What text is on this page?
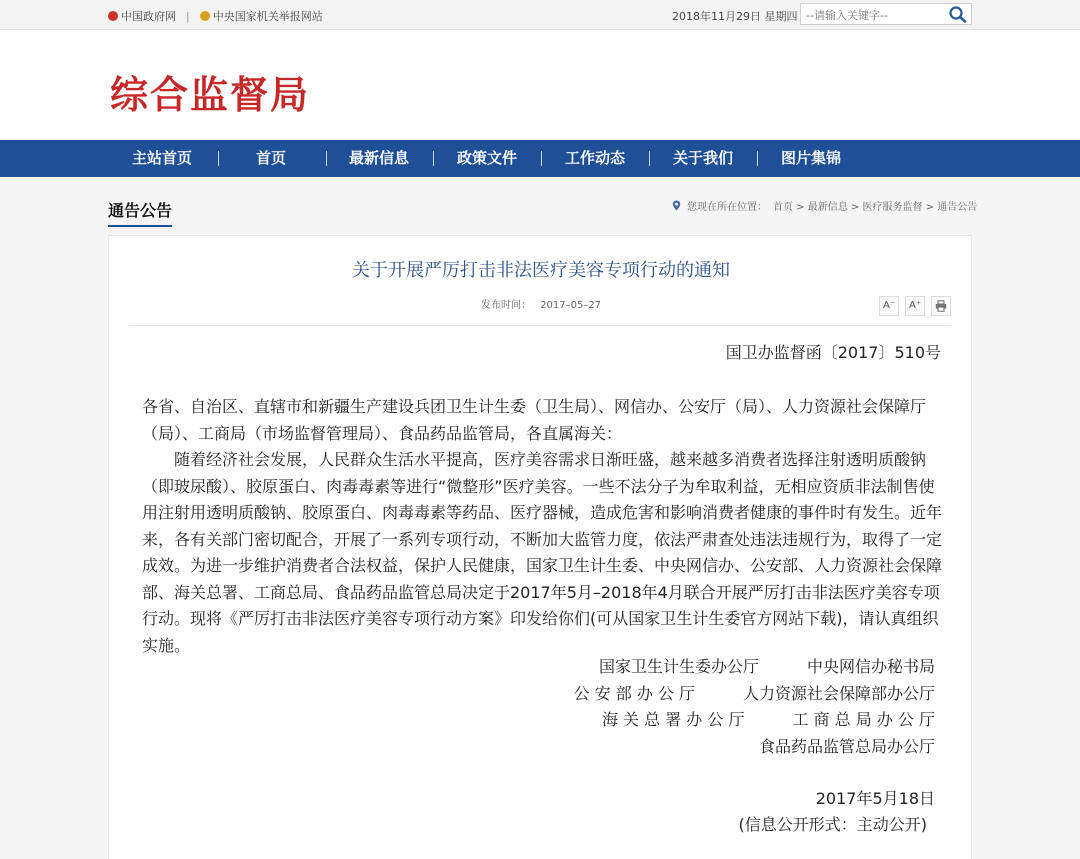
中国政府网 | 中央国家机关举报网站	2018年11月29日 星期四
--请输入关键字--
综合监督局
主站首页	首页	最新信息	政策文件	工作动态	关于我们	图片集锦
通告公告	您现在所在位置： 首页 > 最新信息 > 医疗服务监督 > 通告公告
关于开展严厉打击非法医疗美容专项行动的通知
发布时间： 2017–05–27	A⁻	A⁺
国卫办监督函〔2017〕510号

各省、自治区、直辖市和新疆生产建设兵团卫生计生委（卫生局）、网信办、公安厅（局）、人力资源社会保障厅（局）、工商局（市场监督管理局）、食品药品监管局，各直属海关：

随着经济社会发展，人民群众生活水平提高，医疗美容需求日渐旺盛，越来越多消费者选择注射透明质酸钠（即玻尿酸）、胶原蛋白、肉毒毒素等进行“微整形”医疗美容。一些不法分子为牟取利益，无相应资质非法制售使用注射用透明质酸钠、胶原蛋白、肉毒毒素等药品、医疗器械，造成危害和影响消费者健康的事件时有发生。近年来，各有关部门密切配合，开展了一系列专项行动，不断加大监管力度，依法严肃查处违法违规行为，取得了一定成效。为进一步维护消费者合法权益，保护人民健康，国家卫生计生委、中央网信办、公安部、人力资源社会保障部、海关总署、工商总局、食品药品监管总局决定于2017年5月–2018年4月联合开展严厉打击非法医疗美容专项行动。现将《严厉打击非法医疗美容专项行动方案》印发给你们(可从国家卫生计生委官方网站下载)，请认真组织实施。

国家卫生计生委办公厅　　　中央网信办秘书局
公 安 部 办 公 厅　　　人力资源社会保障部办公厅
海 关 总 署 办 公 厅　　　工 商 总 局 办 公 厅
食品药品监管总局办公厅
2017年5月18日
(信息公开形式：主动公开)
